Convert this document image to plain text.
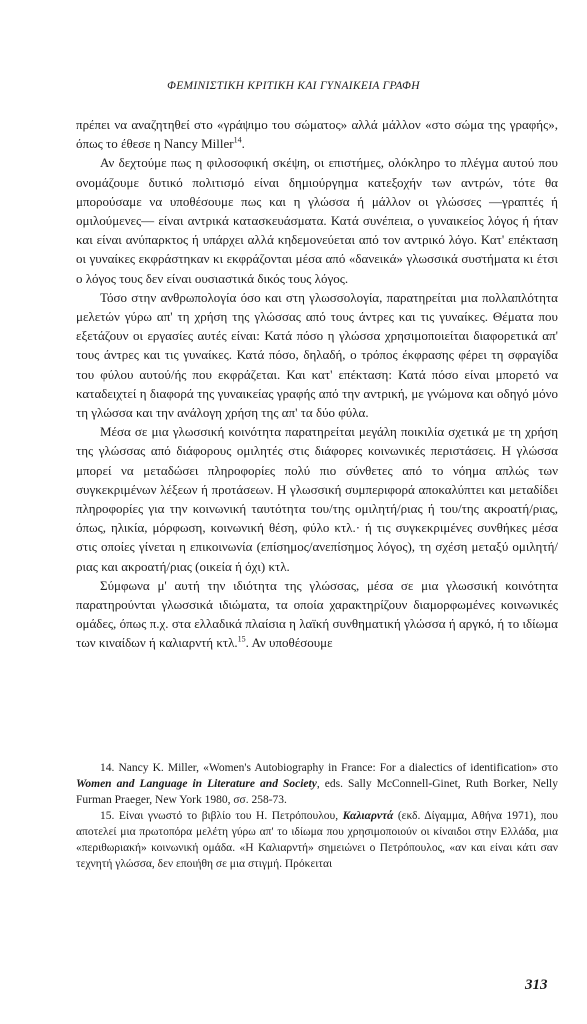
ΦΕΜΙΝΙΣΤΙΚΗ ΚΡΙΤΙΚΗ ΚΑΙ ΓΥΝΑΙΚΕΙΑ ΓΡΑΦΗ

πρέπει να αναζητηθεί στο «γράψιμο του σώματος» αλλά μάλλον «στο σώμα της γραφής», όπως το έθεσε η Nancy Miller$^{14}$.

Αν δεχτούμε πως η φιλοσοφική σκέψη, οι επιστήμες, ολόκληρο το πλέγμα αυτού που ονομάζουμε δυτικό πολιτισμό είναι δημιούργημα κατεξοχήν των αντρών, τότε θα μπορούσαμε να υποθέσουμε πως και η γλώσσα ή μάλλον οι γλώσσες —γραπτές ή ομιλούμενες— είναι αντρικά κατασκευάσματα. Κατά συνέπεια, ο γυναικείος λόγος ή ήταν και είναι ανύπαρκτος ή υπάρχει αλλά κηδεμονεύεται από τον αντρικό λόγο. Κατ' επέκταση οι γυναίκες εκφράστηκαν κι εκφράζονται μέσα από «δανεικά» γλωσσικά συστήματα κι έτσι ο λόγος τους δεν είναι ουσιαστικά δικός τους λόγος.

Τόσο στην ανθρωπολογία όσο και στη γλωσσολογία, παρατηρείται μια πολλαπλότητα μελετών γύρω απ' τη χρήση της γλώσσας από τους άντρες και τις γυναίκες. Θέματα που εξετάζουν οι εργασίες αυτές είναι: Κατά πόσο η γλώσσα χρησιμοποιείται διαφορετικά απ' τους άντρες και τις γυναίκες. Κατά πόσο, δηλαδή, ο τρόπος έκφρασης φέρει τη σφραγίδα του φύλου αυτού/ής που εκφράζεται. Και κατ' επέκταση: Κατά πόσο είναι μπορετό να καταδειχτεί η διαφορά της γυναικείας γραφής από την αντρική, με γνώμονα και οδηγό μόνο τη γλώσσα και την ανάλογη χρήση της απ' τα δύο φύλα.

Μέσα σε μια γλωσσική κοινότητα παρατηρείται μεγάλη ποικιλία σχετικά με τη χρήση της γλώσσας από διάφορους ομιλητές στις διάφορες κοινωνικές περιστάσεις. Η γλώσσα μπορεί να μεταδώσει πληροφορίες πολύ πιο σύνθετες από το νόημα απλώς των συγκεκριμένων λέξεων ή προτάσεων. Η γλωσσική συμπεριφορά αποκαλύπτει και μεταδίδει πληροφορίες για την κοινωνική ταυτότητα του/της ομιλητή/ριας ή του/της ακροατή/ριας, όπως, ηλικία, μόρφωση, κοινωνική θέση, φύλο κτλ.· ή τις συγκεκριμένες συνθήκες μέσα στις οποίες γίνεται η επικοινωνία (επίσημος/ανεπίσημος λόγος), τη σχέση μεταξύ ομιλητή/ριας και ακροατή/ριας (οικεία ή όχι) κτλ.

Σύμφωνα μ' αυτή την ιδιότητα της γλώσσας, μέσα σε μια γλωσσική κοινότητα παρατηρούνται γλωσσικά ιδιώματα, τα οποία χαρακτηρίζουν διαμορφωμένες κοινωνικές ομάδες, όπως π.χ. στα ελλαδικά πλαίσια η λαϊκή συνθηματική γλώσσα ή αργκό, ή το ιδίωμα των κιναίδων ή καλιαρντή κτλ.$^{15}$. Αν υποθέσουμε

14. Nancy K. Miller, «Women's Autobiography in France: For a dialectics of identification» στο Women and Language in Literature and Society, eds. Sally McConnell-Ginet, Ruth Borker, Nelly Furman Praeger, New York 1980, σσ. 258-73.

15. Είναι γνωστό το βιβλίο του Η. Πετρόπουλου, Καλιαρντά (εκδ. Δίγαμμα, Αθήνα 1971), που αποτελεί μια πρωτοπόρα μελέτη γύρω απ' το ιδίωμα που χρησιμοποιούν οι κίναιδοι στην Ελλάδα, μια «περιθωριακή» κοινωνική ομάδα. «Η Καλιαρντή» σημειώνει ο Πετρόπουλος, «αν και είναι κάτι σαν τεχνητή γλώσσα, δεν εποιήθη σε μια στιγμή. Πρόκειται

313
